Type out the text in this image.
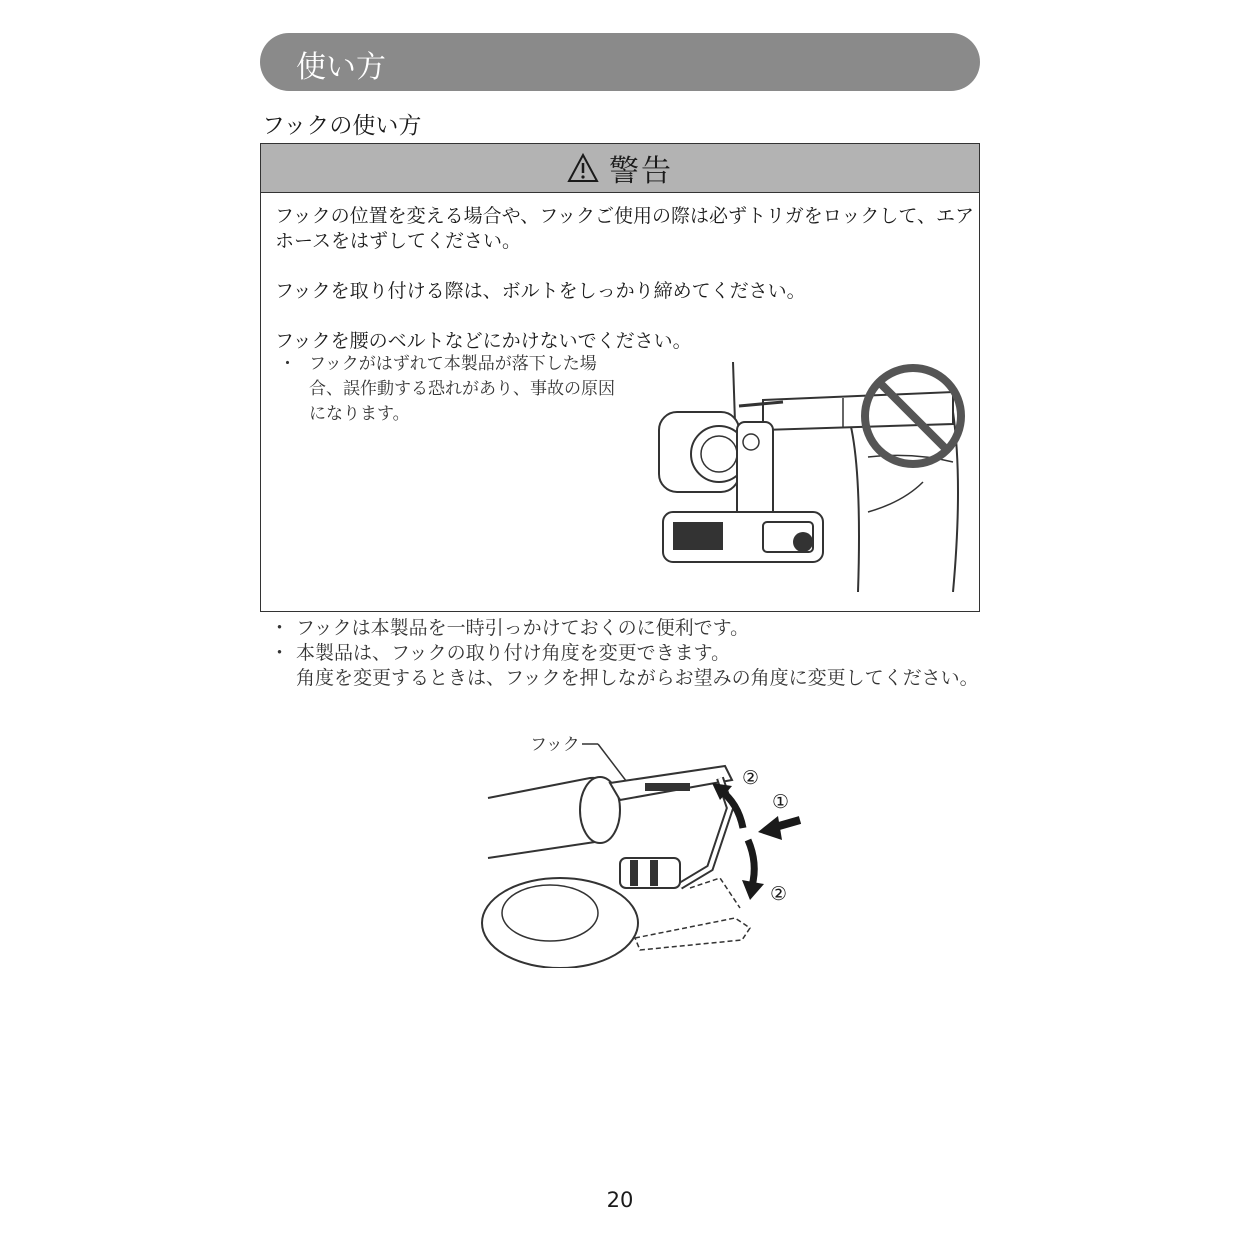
使い方
フックの使い方
警告
フックの位置を変える場合や、フックご使用の際は必ずトリガをロックして、エアホースをはずしてください。
フックを取り付ける際は、ボルトをしっかり締めてください。
フックを腰のベルトなどにかけないでください。
・ フックがはずれて本製品が落下した場合、誤作動する恐れがあり、事故の原因になります。
・ フックは本製品を一時引っかけておくのに便利です。
・ 本製品は、フックの取り付け角度を変更できます。
角度を変更するときは、フックを押しながらお望みの角度に変更してください。
フック
②
①
②
20
